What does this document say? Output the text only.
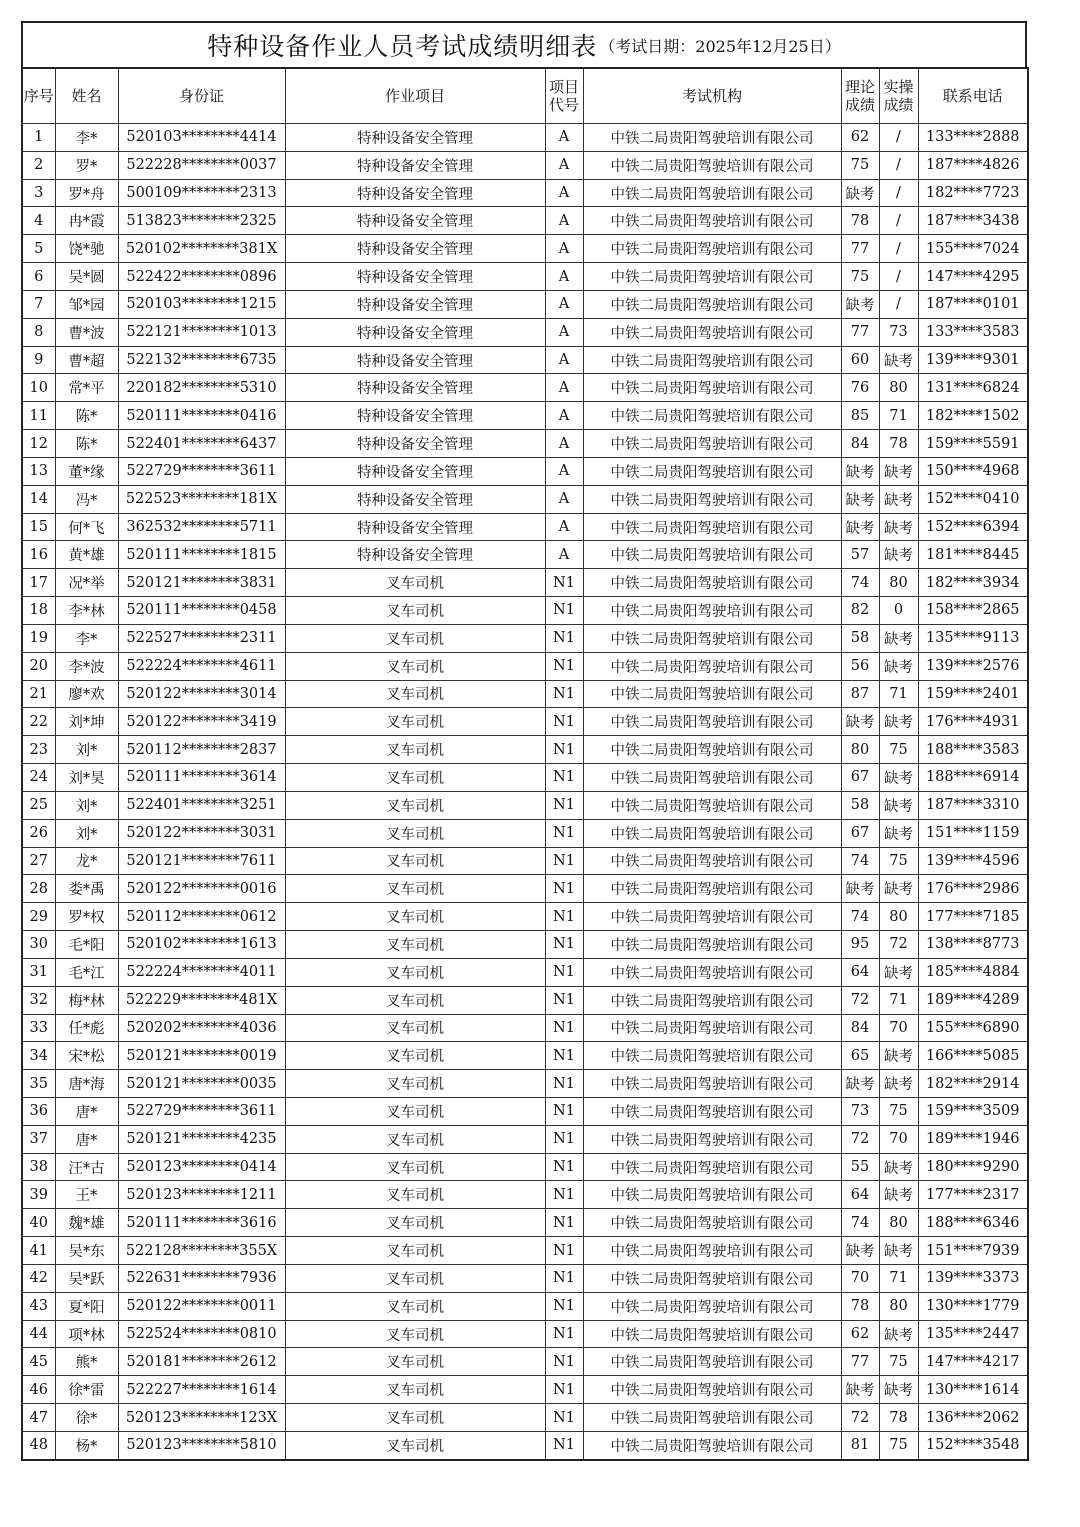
特种设备作业人员考试成绩明细表 （考试日期：2025年12月25日）
序号	姓名	身份证	作业项目	项目代号	考试机构	理论成绩	实操成绩	联系电话
1	李*	520103********4414	特种设备安全管理	A	中铁二局贵阳驾驶培训有限公司	62	/	133****2888
2	罗*	522228********0037	特种设备安全管理	A	中铁二局贵阳驾驶培训有限公司	75	/	187****4826
3	罗*舟	500109********2313	特种设备安全管理	A	中铁二局贵阳驾驶培训有限公司	缺考	/	182****7723
4	冉*霞	513823********2325	特种设备安全管理	A	中铁二局贵阳驾驶培训有限公司	78	/	187****3438
5	饶*驰	520102********381X	特种设备安全管理	A	中铁二局贵阳驾驶培训有限公司	77	/	155****7024
6	吴*圆	522422********0896	特种设备安全管理	A	中铁二局贵阳驾驶培训有限公司	75	/	147****4295
7	邹*园	520103********1215	特种设备安全管理	A	中铁二局贵阳驾驶培训有限公司	缺考	/	187****0101
8	曹*波	522121********1013	特种设备安全管理	A	中铁二局贵阳驾驶培训有限公司	77	73	133****3583
9	曹*超	522132********6735	特种设备安全管理	A	中铁二局贵阳驾驶培训有限公司	60	缺考	139****9301
10	常*平	220182********5310	特种设备安全管理	A	中铁二局贵阳驾驶培训有限公司	76	80	131****6824
11	陈*	520111********0416	特种设备安全管理	A	中铁二局贵阳驾驶培训有限公司	85	71	182****1502
12	陈*	522401********6437	特种设备安全管理	A	中铁二局贵阳驾驶培训有限公司	84	78	159****5591
13	董*缘	522729********3611	特种设备安全管理	A	中铁二局贵阳驾驶培训有限公司	缺考	缺考	150****4968
14	冯*	522523********181X	特种设备安全管理	A	中铁二局贵阳驾驶培训有限公司	缺考	缺考	152****0410
15	何*飞	362532********5711	特种设备安全管理	A	中铁二局贵阳驾驶培训有限公司	缺考	缺考	152****6394
16	黄*雄	520111********1815	特种设备安全管理	A	中铁二局贵阳驾驶培训有限公司	57	缺考	181****8445
17	况*举	520121********3831	叉车司机	N1	中铁二局贵阳驾驶培训有限公司	74	80	182****3934
18	李*林	520111********0458	叉车司机	N1	中铁二局贵阳驾驶培训有限公司	82	0	158****2865
19	李*	522527********2311	叉车司机	N1	中铁二局贵阳驾驶培训有限公司	58	缺考	135****9113
20	李*波	522224********4611	叉车司机	N1	中铁二局贵阳驾驶培训有限公司	56	缺考	139****2576
21	廖*欢	520122********3014	叉车司机	N1	中铁二局贵阳驾驶培训有限公司	87	71	159****2401
22	刘*坤	520122********3419	叉车司机	N1	中铁二局贵阳驾驶培训有限公司	缺考	缺考	176****4931
23	刘*	520112********2837	叉车司机	N1	中铁二局贵阳驾驶培训有限公司	80	75	188****3583
24	刘*昊	520111********3614	叉车司机	N1	中铁二局贵阳驾驶培训有限公司	67	缺考	188****6914
25	刘*	522401********3251	叉车司机	N1	中铁二局贵阳驾驶培训有限公司	58	缺考	187****3310
26	刘*	520122********3031	叉车司机	N1	中铁二局贵阳驾驶培训有限公司	67	缺考	151****1159
27	龙*	520121********7611	叉车司机	N1	中铁二局贵阳驾驶培训有限公司	74	75	139****4596
28	娄*禹	520122********0016	叉车司机	N1	中铁二局贵阳驾驶培训有限公司	缺考	缺考	176****2986
29	罗*权	520112********0612	叉车司机	N1	中铁二局贵阳驾驶培训有限公司	74	80	177****7185
30	毛*阳	520102********1613	叉车司机	N1	中铁二局贵阳驾驶培训有限公司	95	72	138****8773
31	毛*江	522224********4011	叉车司机	N1	中铁二局贵阳驾驶培训有限公司	64	缺考	185****4884
32	梅*林	522229********481X	叉车司机	N1	中铁二局贵阳驾驶培训有限公司	72	71	189****4289
33	任*彪	520202********4036	叉车司机	N1	中铁二局贵阳驾驶培训有限公司	84	70	155****6890
34	宋*松	520121********0019	叉车司机	N1	中铁二局贵阳驾驶培训有限公司	65	缺考	166****5085
35	唐*海	520121********0035	叉车司机	N1	中铁二局贵阳驾驶培训有限公司	缺考	缺考	182****2914
36	唐*	522729********3611	叉车司机	N1	中铁二局贵阳驾驶培训有限公司	73	75	159****3509
37	唐*	520121********4235	叉车司机	N1	中铁二局贵阳驾驶培训有限公司	72	70	189****1946
38	汪*古	520123********0414	叉车司机	N1	中铁二局贵阳驾驶培训有限公司	55	缺考	180****9290
39	王*	520123********1211	叉车司机	N1	中铁二局贵阳驾驶培训有限公司	64	缺考	177****2317
40	魏*雄	520111********3616	叉车司机	N1	中铁二局贵阳驾驶培训有限公司	74	80	188****6346
41	吴*东	522128********355X	叉车司机	N1	中铁二局贵阳驾驶培训有限公司	缺考	缺考	151****7939
42	吴*跃	522631********7936	叉车司机	N1	中铁二局贵阳驾驶培训有限公司	70	71	139****3373
43	夏*阳	520122********0011	叉车司机	N1	中铁二局贵阳驾驶培训有限公司	78	80	130****1779
44	项*林	522524********0810	叉车司机	N1	中铁二局贵阳驾驶培训有限公司	62	缺考	135****2447
45	熊*	520181********2612	叉车司机	N1	中铁二局贵阳驾驶培训有限公司	77	75	147****4217
46	徐*雷	522227********1614	叉车司机	N1	中铁二局贵阳驾驶培训有限公司	缺考	缺考	130****1614
47	徐*	520123********123X	叉车司机	N1	中铁二局贵阳驾驶培训有限公司	72	78	136****2062
48	杨*	520123********5810	叉车司机	N1	中铁二局贵阳驾驶培训有限公司	81	75	152****3548
